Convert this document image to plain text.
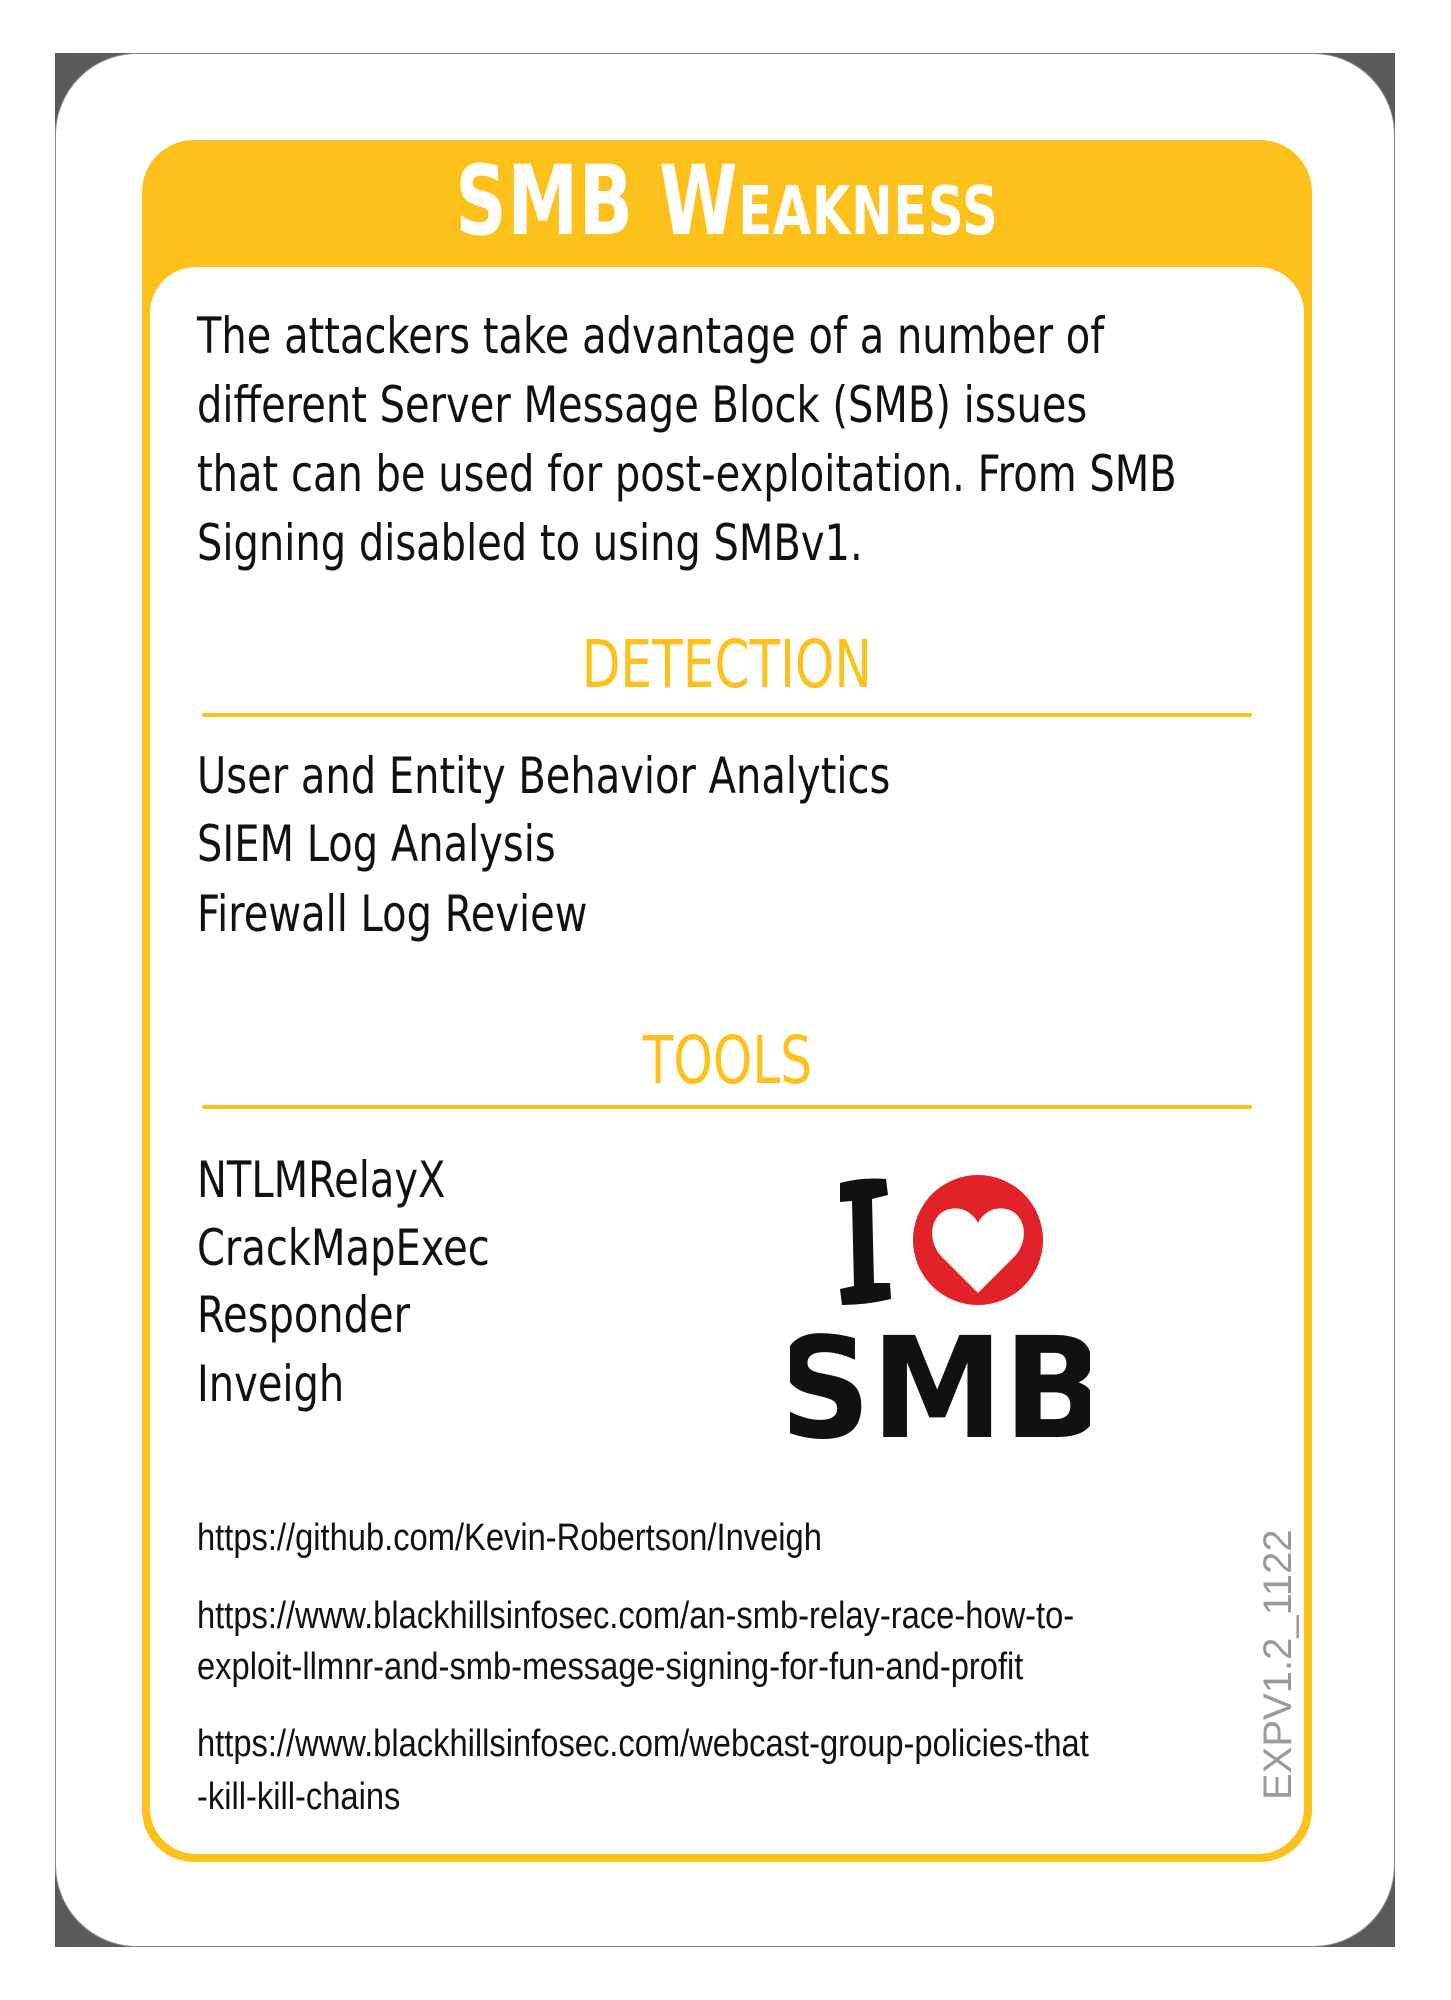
SMB Weakness
The attackers take advantage of a number of
different Server Message Block (SMB) issues
that can be used for post-exploitation. From SMB
Signing disabled to using SMBv1.
DETECTION
User and Entity Behavior Analytics
SIEM Log Analysis
Firewall Log Review
TOOLS
NTLMRelayX
CrackMapExec
Responder
Inveigh	SMB
https://github.com/Kevin-Robertson/Inveigh
https://www.blackhillsinfosec.com/an-smb-relay-race-how-to-
exploit-llmnr-and-smb-message-signing-for-fun-and-profit
https://www.blackhillsinfosec.com/webcast-group-policies-that
-kill-kill-chains	EXPV1.2_1122
